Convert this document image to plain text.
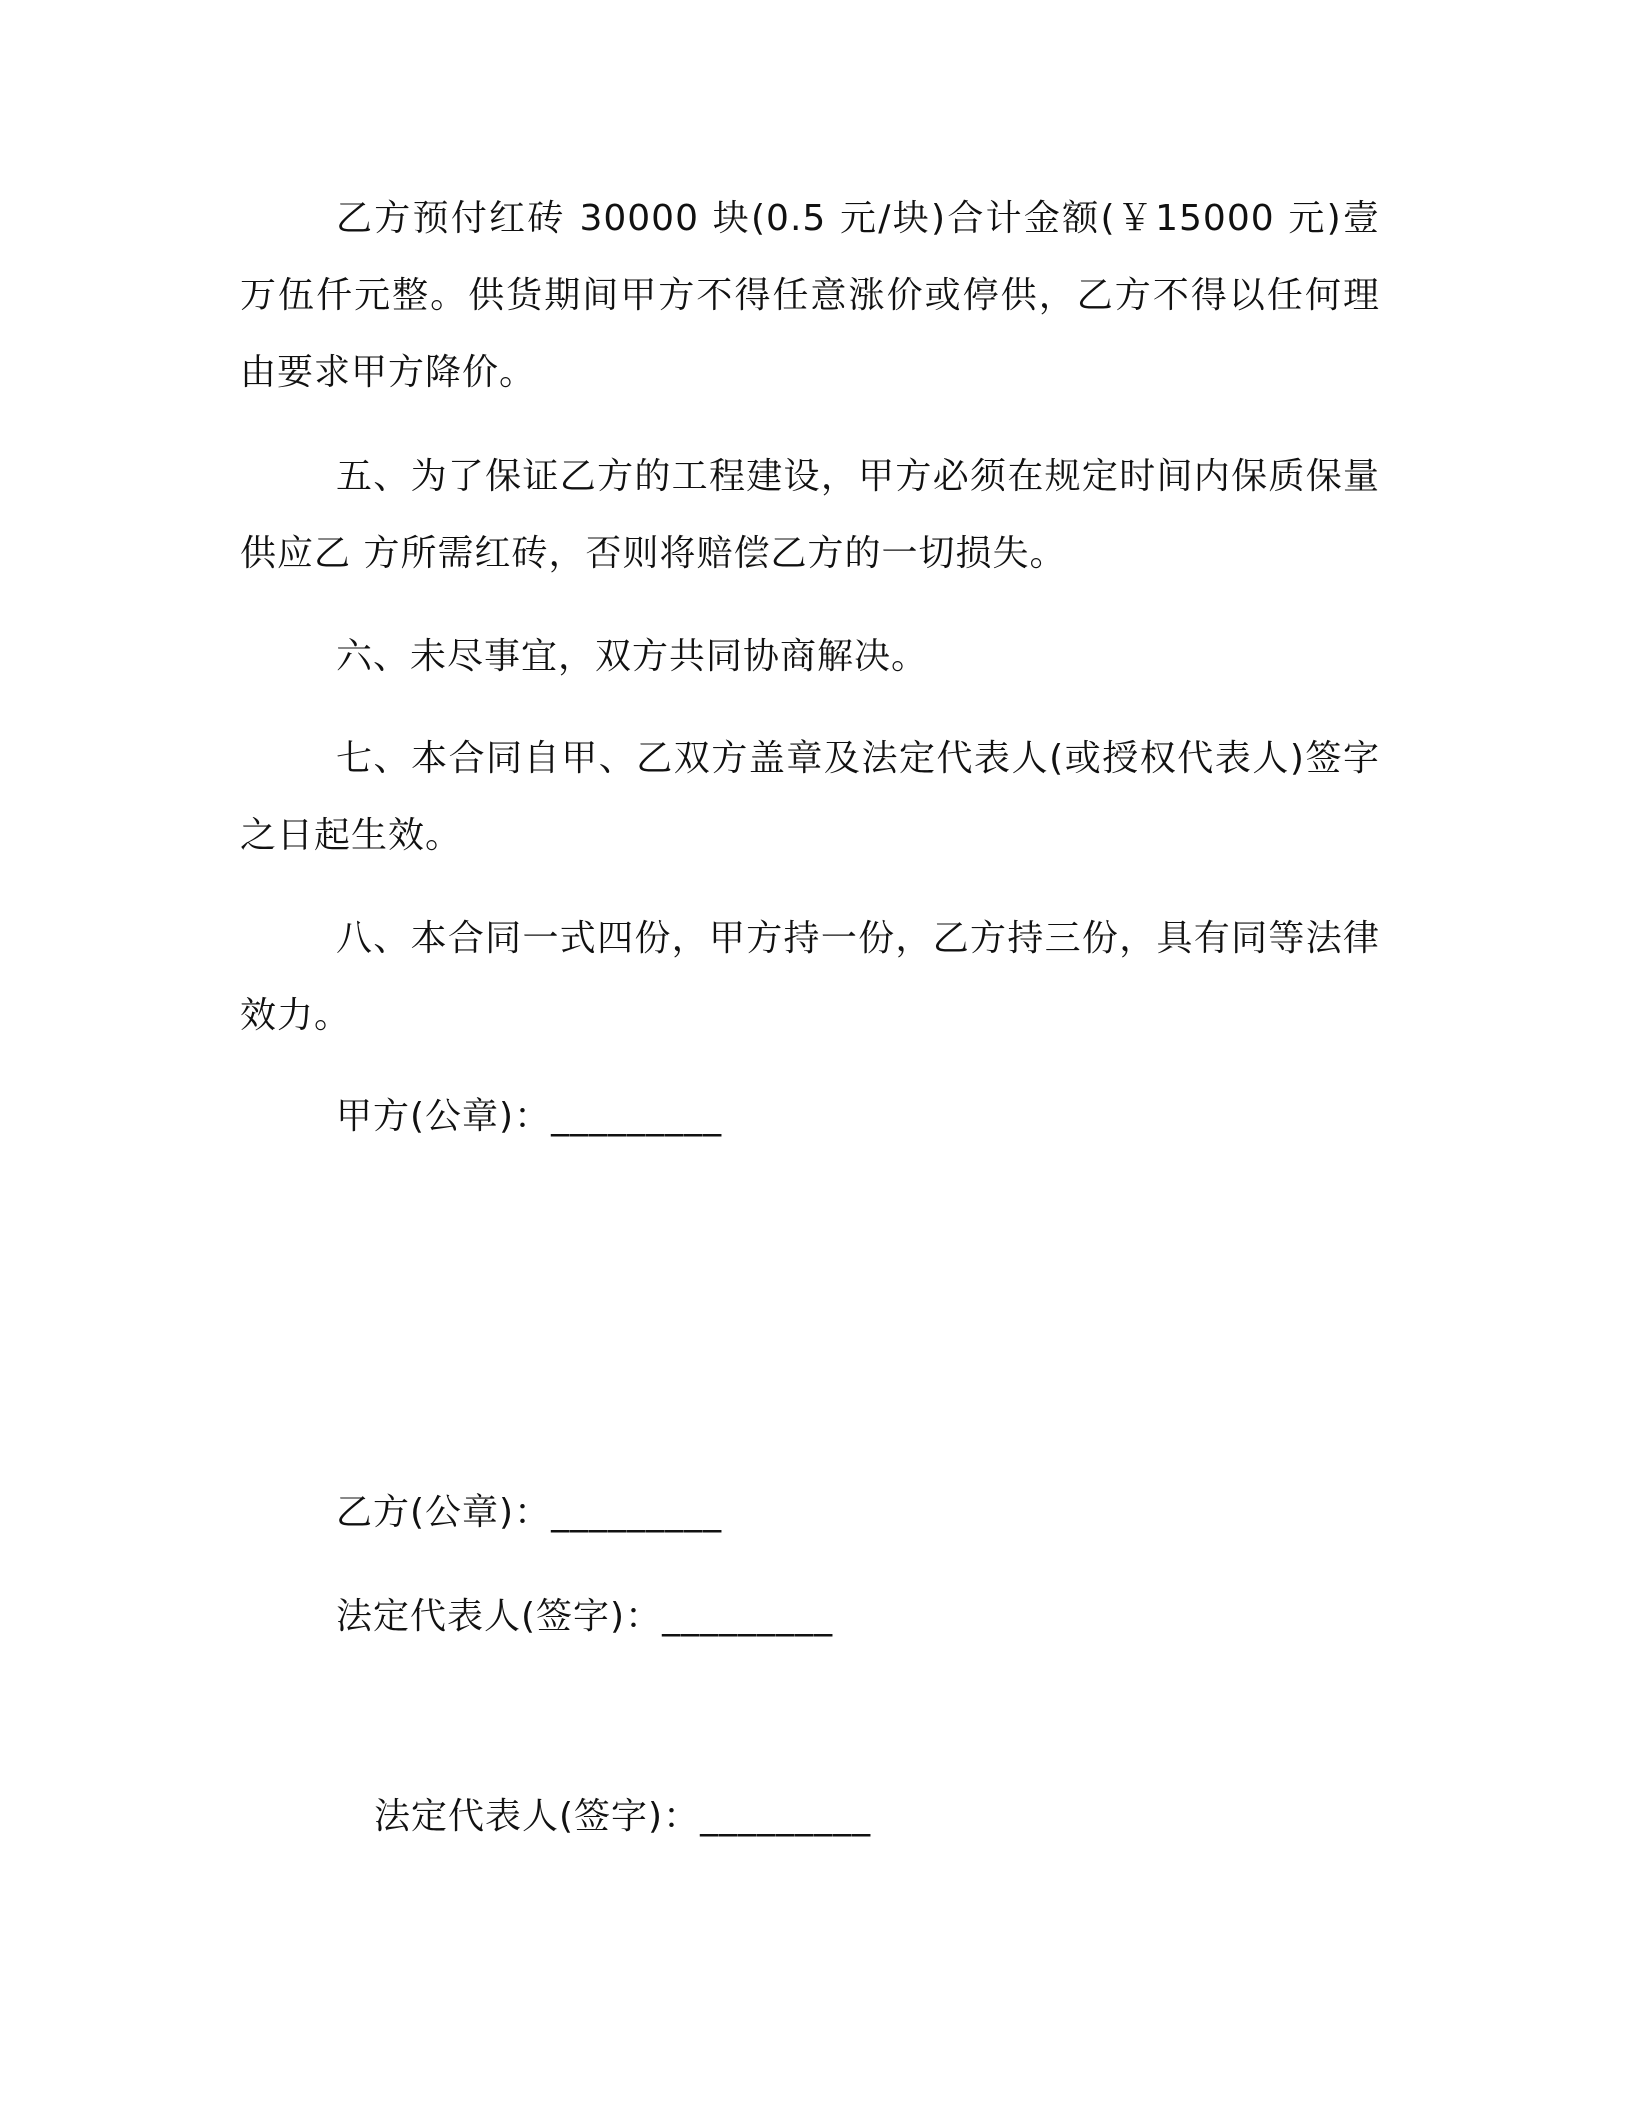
乙方预付红砖 30000 块(0.5 元/块)合计金额(￥15000 元)壹万伍仟元整。供货期间甲方不得任意涨价或停供，乙方不得以任何理由要求甲方降价。

五、为了保证乙方的工程建设，甲方必须在规定时间内保质保量供应乙 方所需红砖，否则将赔偿乙方的一切损失。

六、未尽事宜，双方共同协商解决。

七、本合同自甲、乙双方盖章及法定代表人(或授权代表人)签字之日起生效。

八、本合同一式四份，甲方持一份，乙方持三份，具有同等法律效力。

甲方(公章)：_________
乙方(公章)：_________
法定代表人(签字)：_________
法定代表人(签字)：_________
